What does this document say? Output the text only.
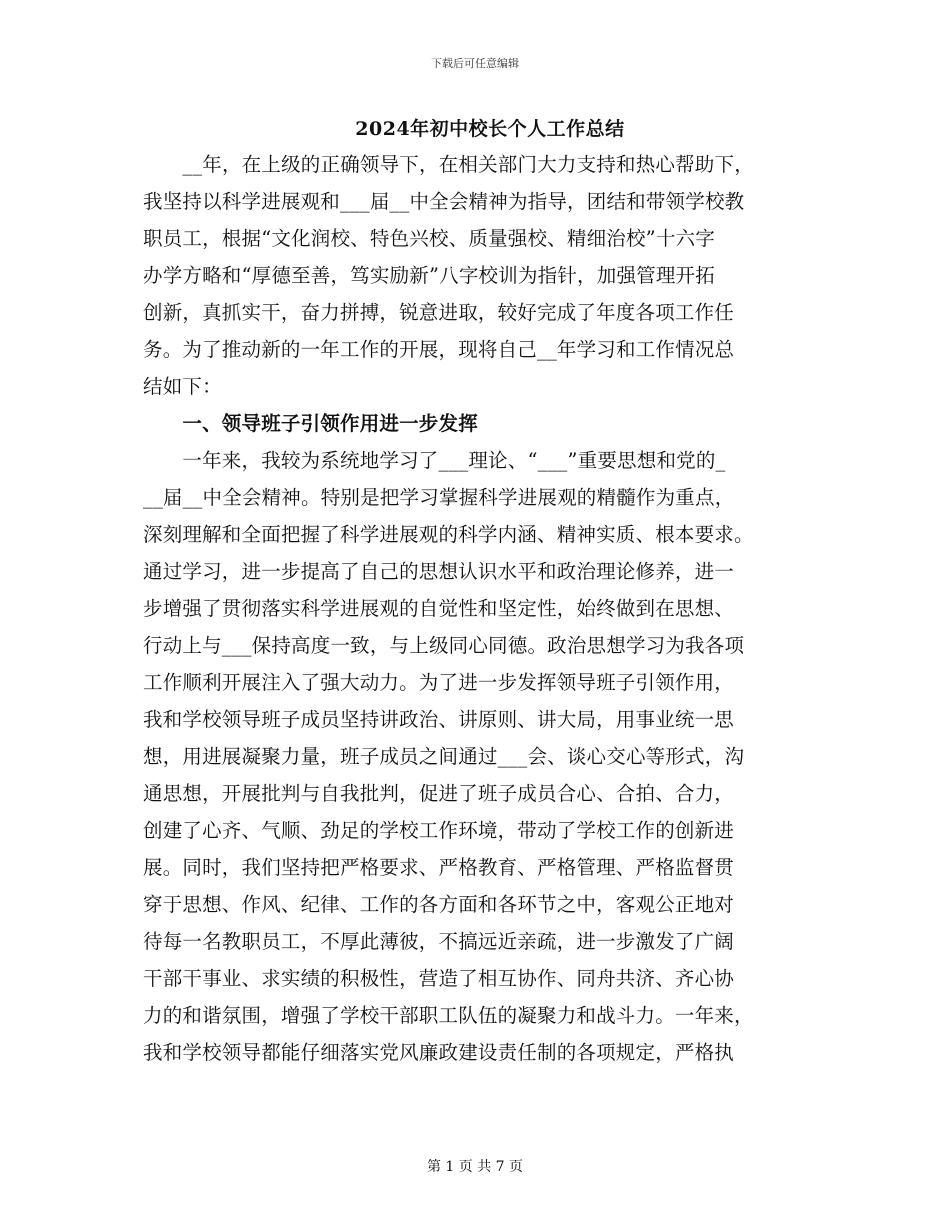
下载后可任意编辑
2024年初中校长个人工作总结
　　__年，在上级的正确领导下，在相关部门大力支持和热心帮助下，
我坚持以科学进展观和___届__中全会精神为指导，团结和带领学校教
职员工，根据“文化润校、特色兴校、质量强校、精细治校”十六字
办学方略和“厚德至善，笃实励新”八字校训为指针，加强管理开拓
创新，真抓实干，奋力拼搏，锐意进取，较好完成了年度各项工作任
务。为了推动新的一年工作的开展，现将自己__年学习和工作情况总
结如下：
　　一、领导班子引领作用进一步发挥
　　一年来，我较为系统地学习了___理论、“___”重要思想和党的_
__届__中全会精神。特别是把学习掌握科学进展观的精髓作为重点，
深刻理解和全面把握了科学进展观的科学内涵、精神实质、根本要求。
通过学习，进一步提高了自己的思想认识水平和政治理论修养，进一
步增强了贯彻落实科学进展观的自觉性和坚定性，始终做到在思想、
行动上与___保持高度一致，与上级同心同德。政治思想学习为我各项
工作顺利开展注入了强大动力。为了进一步发挥领导班子引领作用，
我和学校领导班子成员坚持讲政治、讲原则、讲大局，用事业统一思
想，用进展凝聚力量，班子成员之间通过___会、谈心交心等形式，沟
通思想，开展批判与自我批判，促进了班子成员合心、合拍、合力，
创建了心齐、气顺、劲足的学校工作环境，带动了学校工作的创新进
展。同时，我们坚持把严格要求、严格教育、严格管理、严格监督贯
穿于思想、作风、纪律、工作的各方面和各环节之中，客观公正地对
待每一名教职员工，不厚此薄彼，不搞远近亲疏，进一步激发了广阔
干部干事业、求实绩的积极性，营造了相互协作、同舟共济、齐心协
力的和谐氛围，增强了学校干部职工队伍的凝聚力和战斗力。一年来，
我和学校领导都能仔细落实党风廉政建设责任制的各项规定，严格执
第 1 页 共 7 页
